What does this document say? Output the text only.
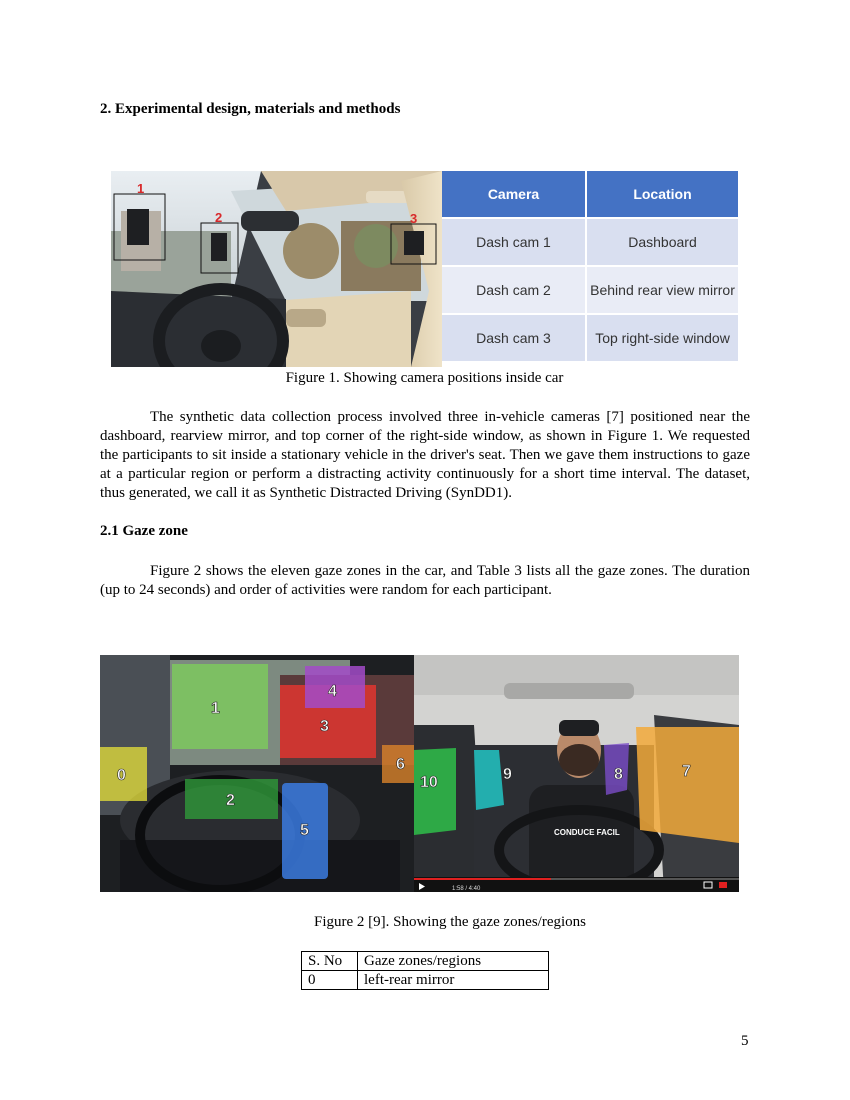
2. Experimental design, materials and methods
1
2	3
Camera	Location
Dash cam 1	Dashboard
Dash cam 2	Behind rear view mirror
Dash cam 3	Top right-side window
Figure 1. Showing camera positions inside car
The synthetic data collection process involved three in-vehicle cameras [7] positioned near the dashboard, rearview mirror, and top corner of the right-side window, as shown in Figure 1. We requested the participants to sit inside a stationary vehicle in the driver's seat. Then we gave them instructions to gaze at a particular region or perform a distracting activity continuously for a short time interval. The dataset, thus generated, we call it as Synthetic Distracted Driving (SynDD1).
2.1 Gaze zone
Figure 2 shows the eleven gaze zones in the car, and Table 3 lists all the gaze zones. The duration (up to 24 seconds) and order of activities were random for each participant.
0
1
2
3
4
5
6
CONDUCE FACIL
10	9	8	7
1:58 / 4:40
Figure 2 [9]. Showing the gaze zones/regions
S. No	Gaze zones/regions
0	left-rear mirror
5
